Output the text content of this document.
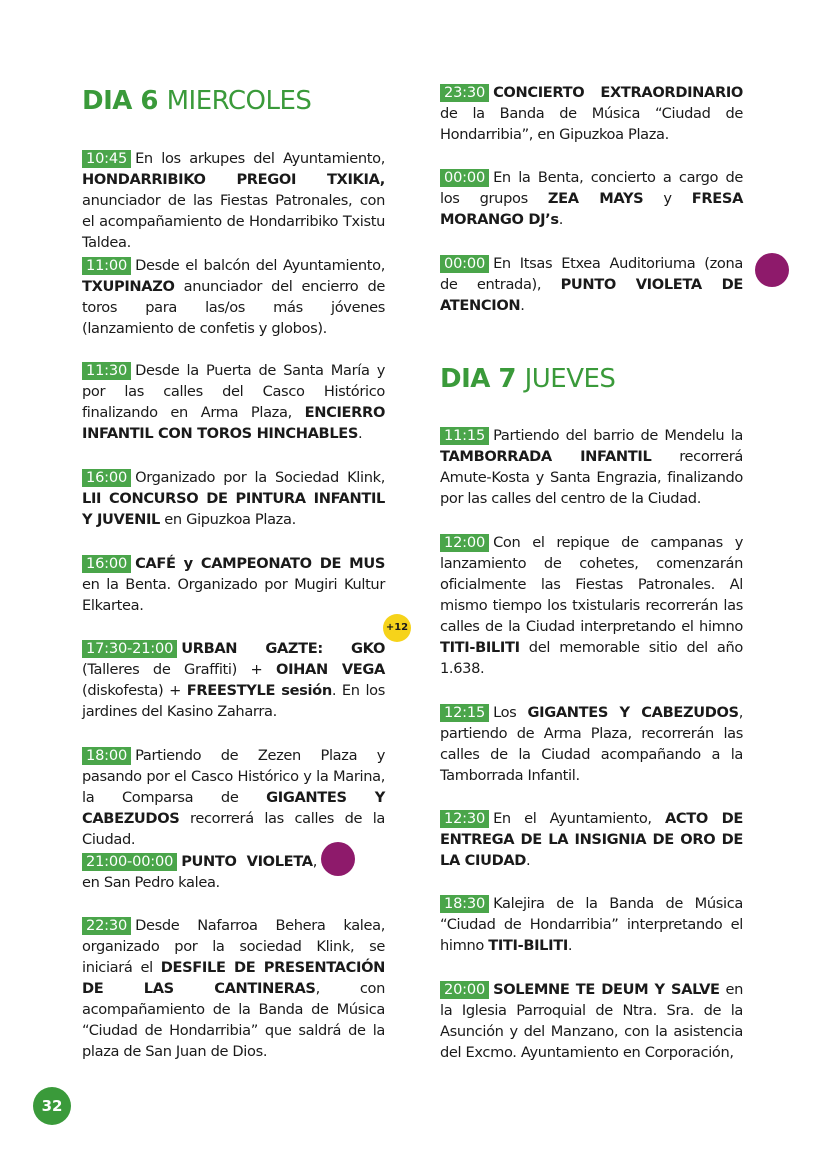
DIA 6 MIERCOLES

10:45 En los arkupes del Ayuntamiento, HONDARRIBIKO PREGOI TXIKIA, anunciador de las Fiestas Patronales, con el acompañamiento de Hondarribiko Txistu Taldea.

11:00 Desde el balcón del Ayuntamiento, TXUPINAZO anunciador del encierro de toros para las/os más jóvenes (lanzamiento de confetis y globos).

11:30 Desde la Puerta de Santa María y por las calles del Casco Histórico finalizando en Arma Plaza, ENCIERRO INFANTIL CON TOROS HINCHABLES.

16:00 Organizado por la Sociedad Klink, LII CONCURSO DE PINTURA INFANTIL Y JUVENIL en Gipuzkoa Plaza.

16:00 CAFÉ y CAMPEONATO DE MUS en la Benta. Organizado por Mugiri Kultur Elkartea.

17:30-21:00 URBAN GAZTE: GKO (Talleres de Graffiti) + OIHAN VEGA (diskofesta) + FREESTYLE sesión. En los jardines del Kasino Zaharra.

18:00 Partiendo de Zezen Plaza y pasando por el Casco Histórico y la Marina, la Comparsa de GIGANTES Y CABEZUDOS recorrerá las calles de la Ciudad.

21:00-00:00 PUNTO VIOLETA, en San Pedro kalea.

22:30 Desde Nafarroa Behera kalea, organizado por la sociedad Klink, se iniciará el DESFILE DE PRESENTACIÓN DE LAS CANTINERAS, con acompañamiento de la Banda de Música “Ciudad de Hondarribia” que saldrá de la plaza de San Juan de Dios.

23:30 CONCIERTO EXTRAORDINARIO de la Banda de Música “Ciudad de Hondarribia”, en Gipuzkoa Plaza.

00:00 En la Benta, concierto a cargo de los grupos ZEA MAYS y FRESA MORANGO DJ’s.

00:00 En Itsas Etxea Auditoriuma (zona de entrada), PUNTO VIOLETA DE ATENCION.

DIA 7 JUEVES

11:15 Partiendo del barrio de Mendelu la TAMBORRADA INFANTIL recorrerá Amute-Kosta y Santa Engrazia, finalizando por las calles del centro de la Ciudad.

12:00 Con el repique de campanas y lanzamiento de cohetes, comenzarán oficialmente las Fiestas Patronales. Al mismo tiempo los txistularis recorrerán las calles de la Ciudad interpretando el himno TITI-BILITI del memorable sitio del año 1.638.

12:15 Los GIGANTES Y CABEZUDOS, partiendo de Arma Plaza, recorrerán las calles de la Ciudad acompañando a la Tamborrada Infantil.

12:30 En el Ayuntamiento, ACTO DE ENTREGA DE LA INSIGNIA DE ORO DE LA CIUDAD.

18:30 Kalejira de la Banda de Música “Ciudad de Hondarribia” interpretando el himno TITI-BILITI.

20:00 SOLEMNE TE DEUM Y SALVE en la Iglesia Parroquial de Ntra. Sra. de la Asunción y del Manzano, con la asistencia del Excmo. Ayuntamiento en Corporación,

+12
32
